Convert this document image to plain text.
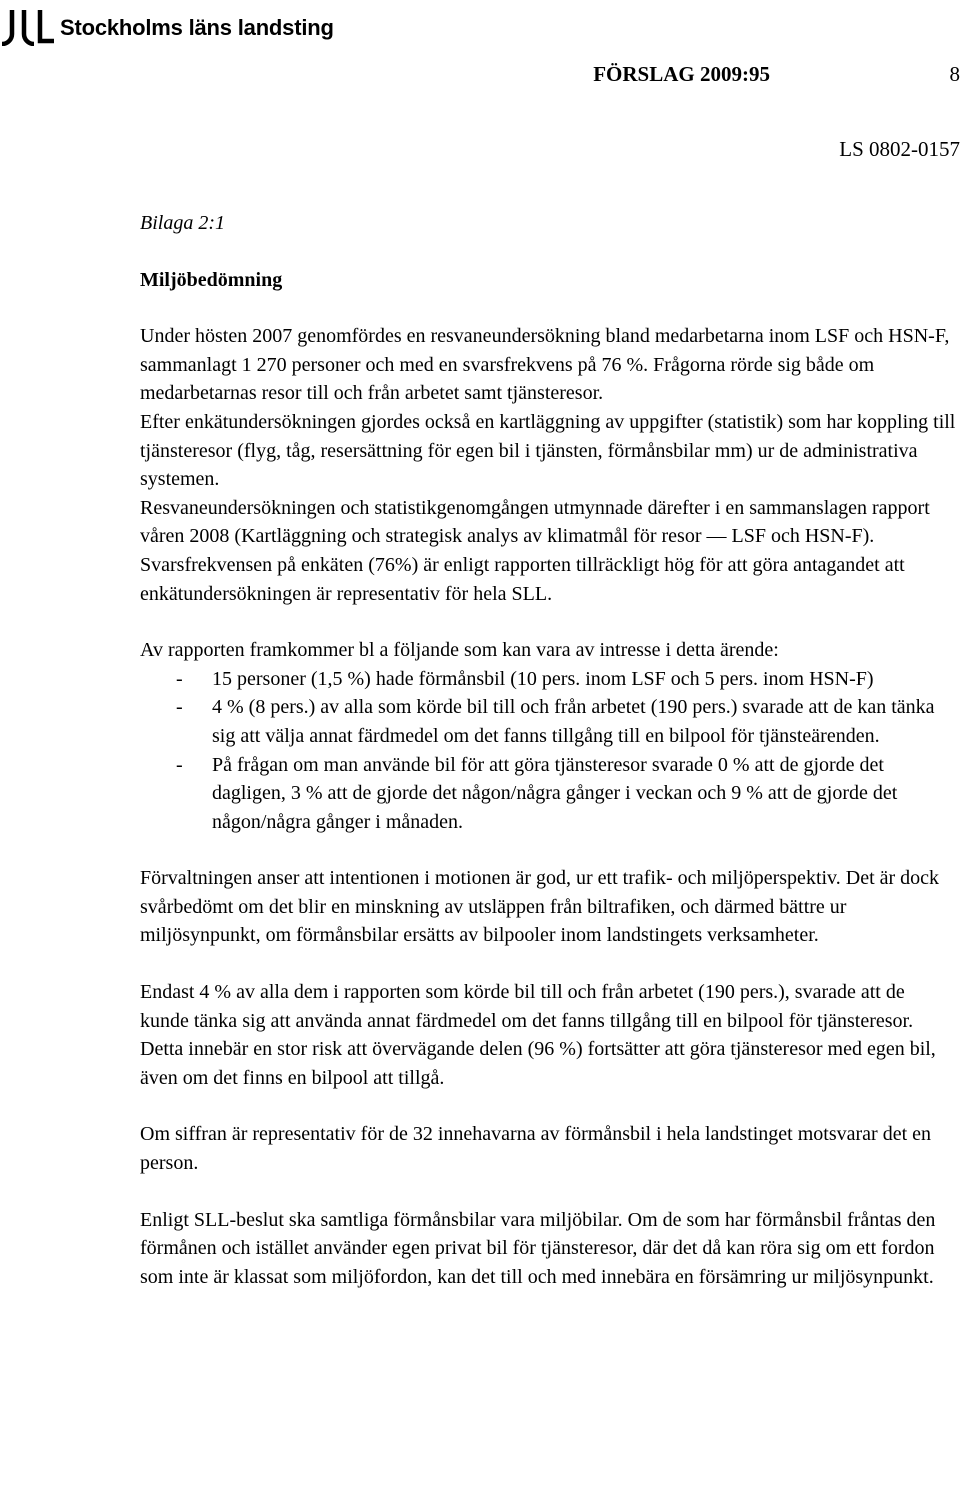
Stockholms läns landsting
FÖRSLAG 2009:95	8
LS 0802-0157

Bilaga 2:1

Miljöbedömning

Under hösten 2007 genomfördes en resvaneundersökning bland medarbetarna inom LSF och HSN-F, sammanlagt 1 270 personer och med en svarsfrekvens på 76 %. Frågorna rörde sig både om medarbetarnas resor till och från arbetet samt tjänsteresor.

Efter enkätundersökningen gjordes också en kartläggning av uppgifter (statistik) som har koppling till tjänsteresor (flyg, tåg, resersättning för egen bil i tjänsten, förmånsbilar mm) ur de administrativa systemen.

Resvaneundersökningen och statistikgenomgången utmynnade därefter i en sammanslagen rapport våren 2008 (Kartläggning och strategisk analys av klimatmål för resor — LSF och HSN-F).

Svarsfrekvensen på enkäten (76%) är enligt rapporten tillräckligt hög för att göra antagandet att enkätundersökningen är representativ för hela SLL.

Av rapporten framkommer bl a följande som kan vara av intresse i detta ärende:

- 15 personer (1,5 %) hade förmånsbil (10 pers. inom LSF och 5 pers. inom HSN-F)
- 4 % (8 pers.) av alla som körde bil till och från arbetet (190 pers.) svarade att de kan tänka sig att välja annat färdmedel om det fanns tillgång till en bilpool för tjänsteärenden.
- På frågan om man använde bil för att göra tjänsteresor svarade 0 % att de gjorde det dagligen, 3 % att de gjorde det någon/några gånger i veckan och 9 % att de gjorde det någon/några gånger i månaden.

Förvaltningen anser att intentionen i motionen är god, ur ett trafik- och miljöperspektiv. Det är dock svårbedömt om det blir en minskning av utsläppen från biltrafiken, och därmed bättre ur miljösynpunkt, om förmånsbilar ersätts av bilpooler inom landstingets verksamheter.

Endast 4 % av alla dem i rapporten som körde bil till och från arbetet (190 pers.), svarade att de kunde tänka sig att använda annat färdmedel om det fanns tillgång till en bilpool för tjänsteresor. Detta innebär en stor risk att övervägande delen (96 %) fortsätter att göra tjänsteresor med egen bil, även om det finns en bilpool att tillgå.

Om siffran är representativ för de 32 innehavarna av förmånsbil i hela landstinget motsvarar det en person.

Enligt SLL-beslut ska samtliga förmånsbilar vara miljöbilar. Om de som har förmånsbil fråntas den förmånen och istället använder egen privat bil för tjänsteresor, där det då kan röra sig om ett fordon som inte är klassat som miljöfordon, kan det till och med innebära en försämring ur miljösynpunkt.
